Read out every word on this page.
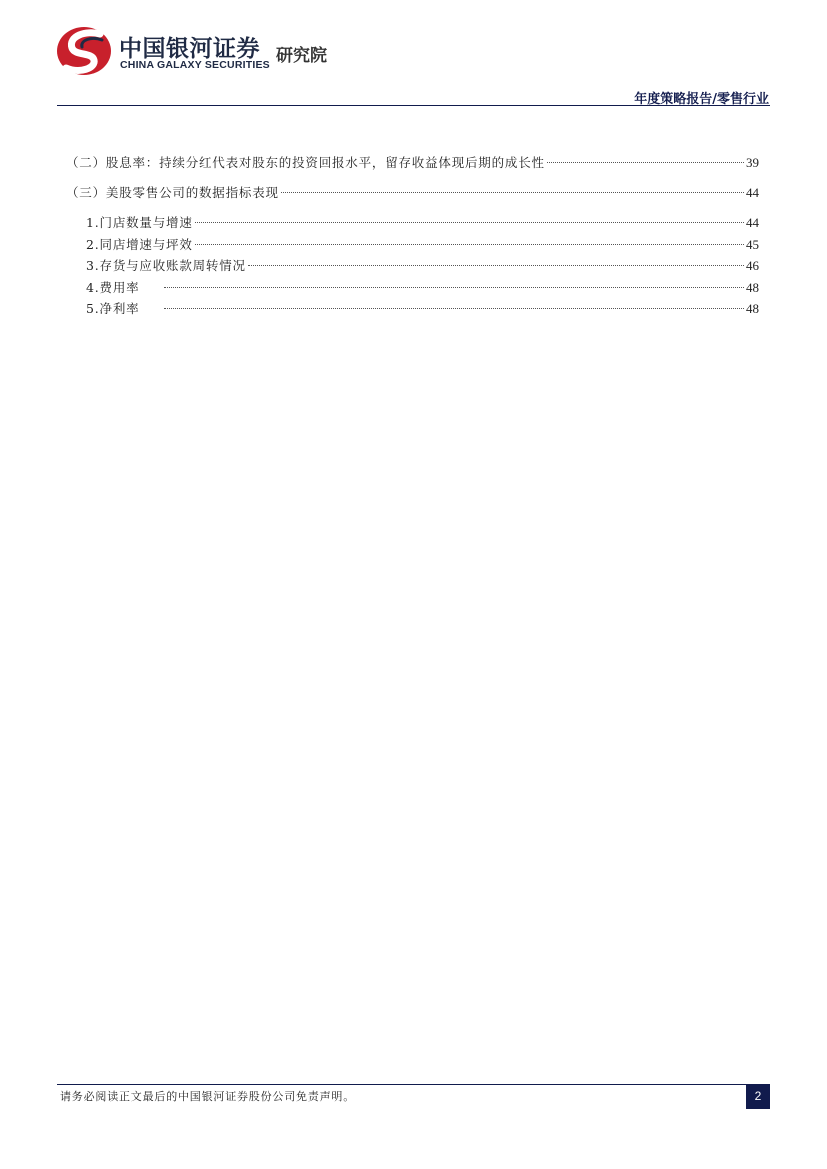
中国银河证券
CHINA GALAXY SECURITIES 研究院
年度策略报告/零售行业
（二）股息率：持续分红代表对股东的投资回报水平，留存收益体现后期的成长性	39
（三）美股零售公司的数据指标表现	44
1.门店数量与增速	44
2.同店增速与坪效	45
3.存货与应收账款周转情况	46
4.费用率	48
5.净利率	48
请务必阅读正文最后的中国银河证券股份公司免责声明。	2
